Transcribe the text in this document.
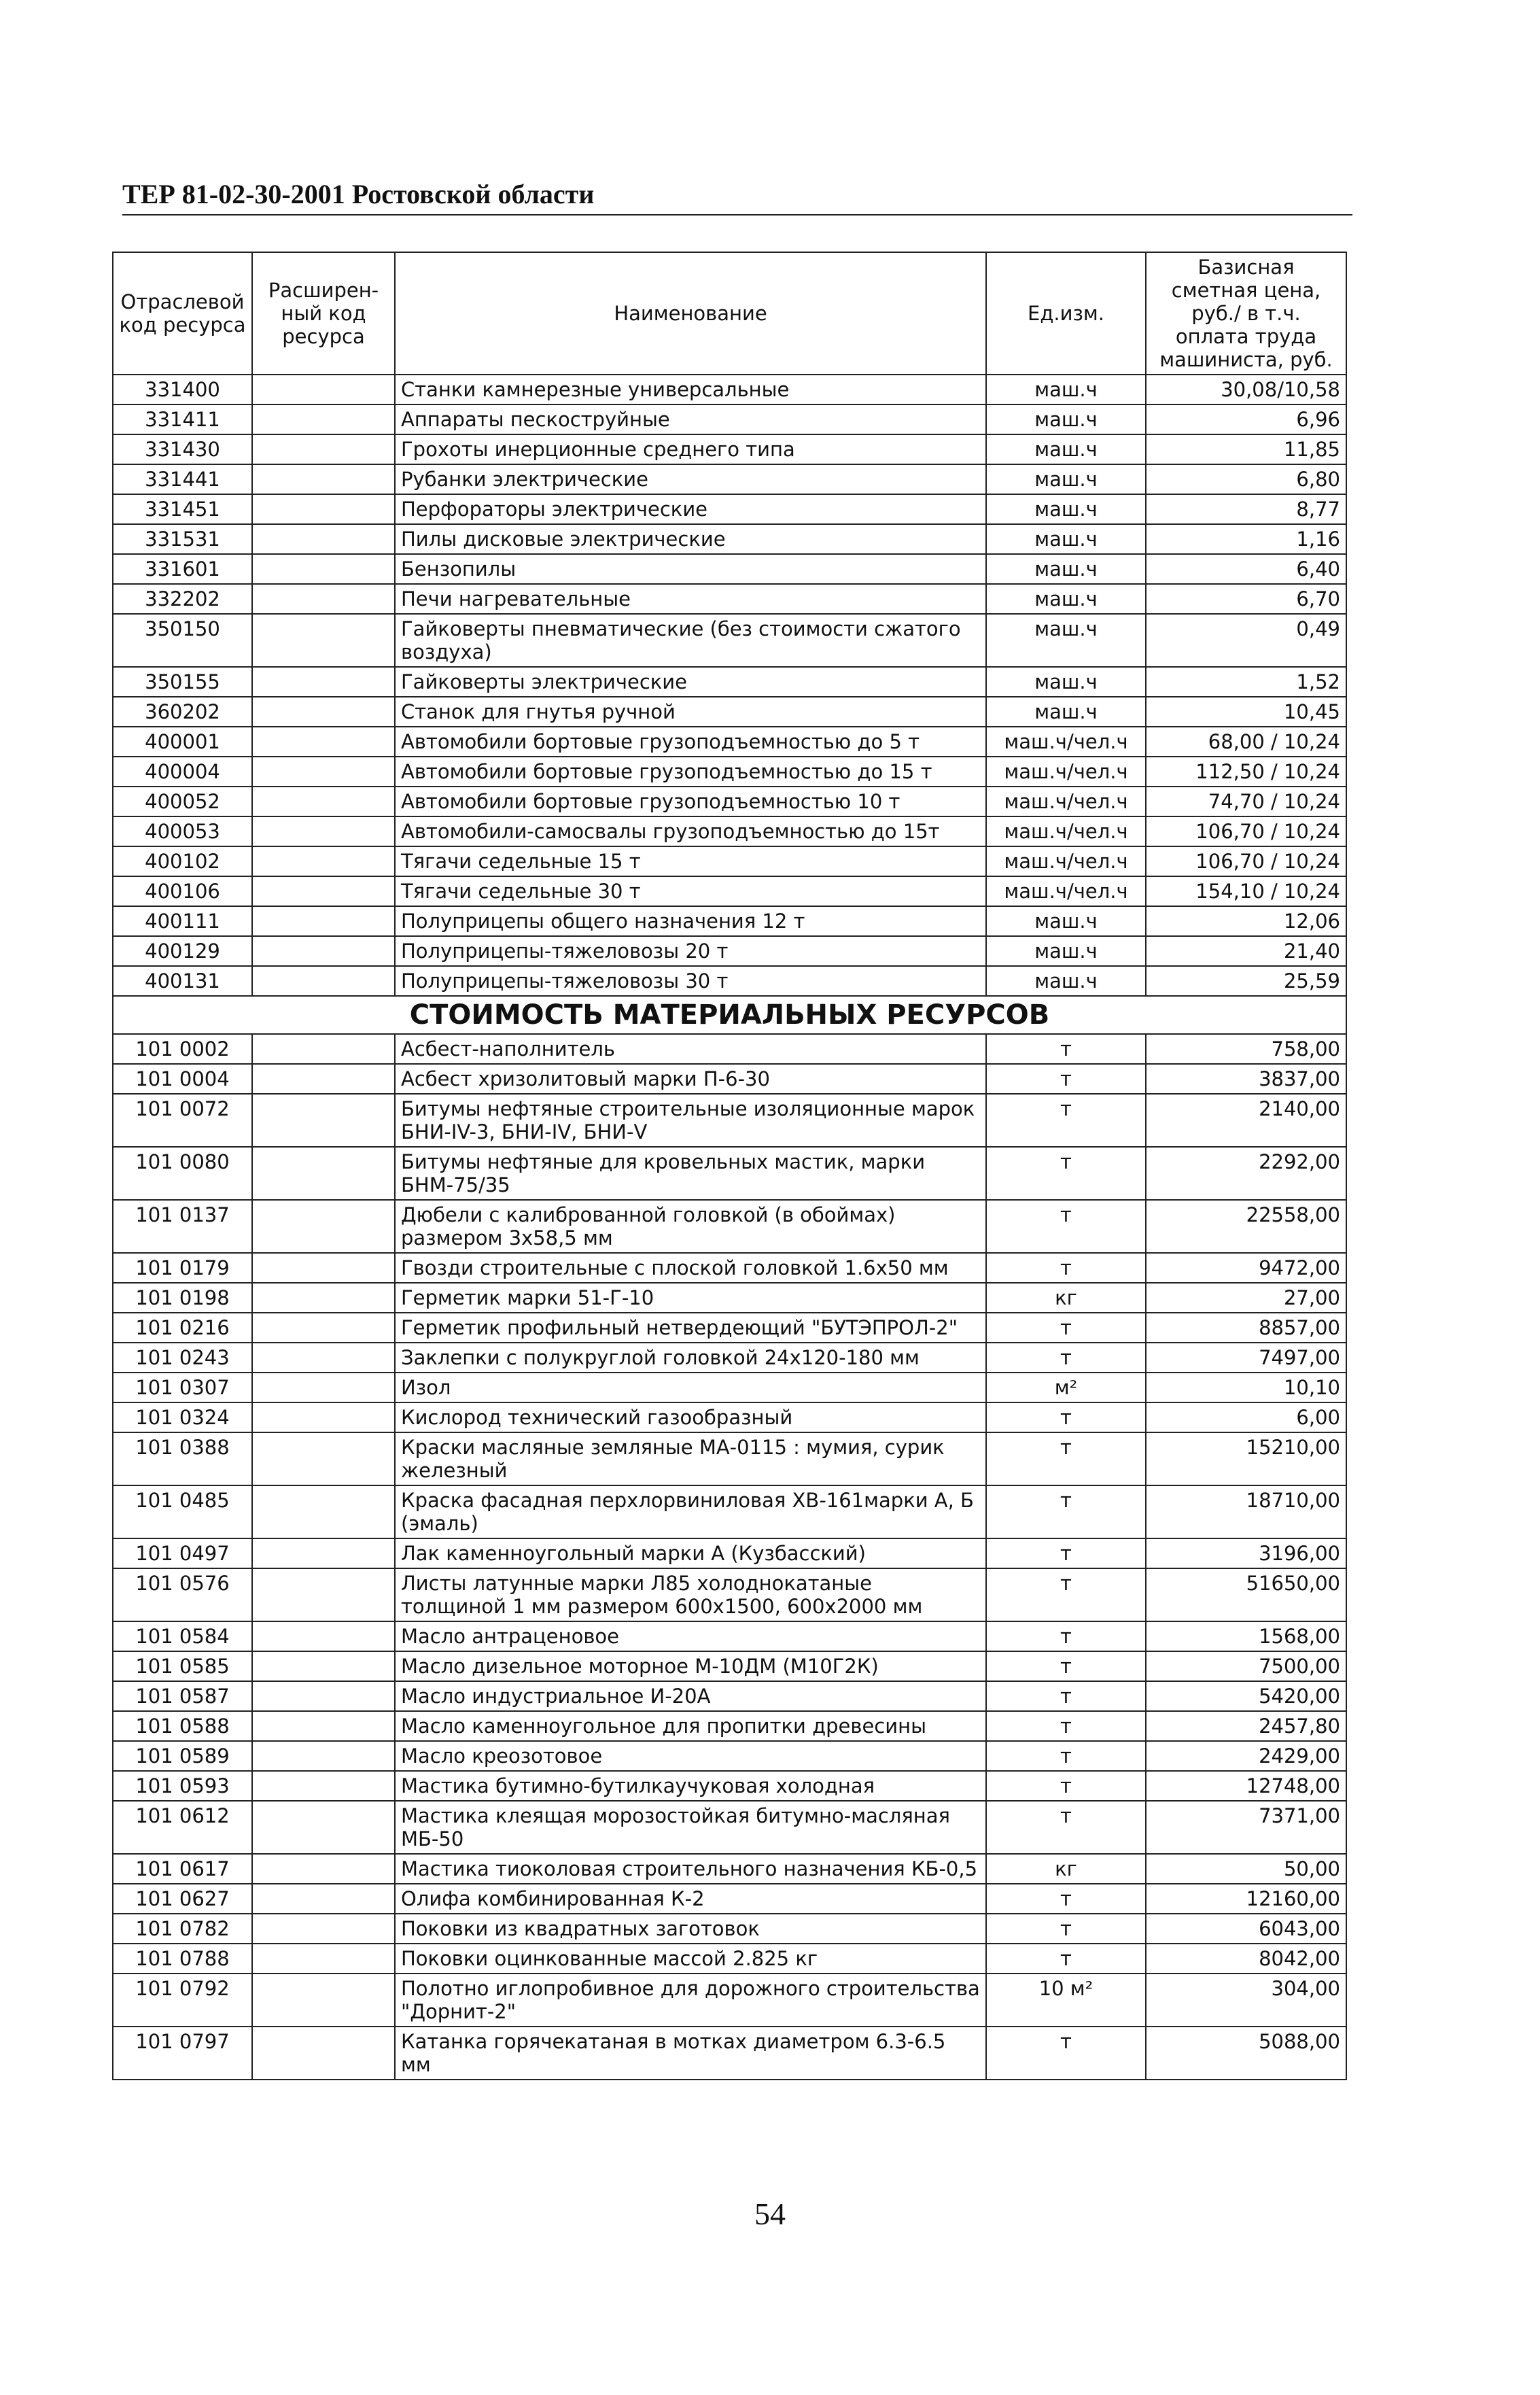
ТЕР 81-02-30-2001 Ростовской области
Отраслевой код ресурса	Расширен-ный код ресурса	Наименование	Ед.изм.	Базисная сметная цена, руб./ в т.ч. оплата труда машиниста, руб.
331400		Станки камнерезные универсальные	маш.ч	30,08/10,58
331411		Аппараты пескоструйные	маш.ч	6,96
331430		Грохоты инерционные среднего типа	маш.ч	11,85
331441		Рубанки электрические	маш.ч	6,80
331451		Перфораторы электрические	маш.ч	8,77
331531		Пилы дисковые электрические	маш.ч	1,16
331601		Бензопилы	маш.ч	6,40
332202		Печи нагревательные	маш.ч	6,70
350150		Гайковерты пневматические (без стоимости сжатого воздуха)	маш.ч	0,49
350155		Гайковерты электрические	маш.ч	1,52
360202		Станок для гнутья ручной	маш.ч	10,45
400001		Автомобили бортовые грузоподъемностью до 5 т	маш.ч/чел.ч	68,00 / 10,24
400004		Автомобили бортовые грузоподъемностью до 15 т	маш.ч/чел.ч	112,50 / 10,24
400052		Автомобили бортовые грузоподъемностью 10 т	маш.ч/чел.ч	74,70 / 10,24
400053		Автомобили-самосвалы грузоподъемностью до 15т	маш.ч/чел.ч	106,70 / 10,24
400102		Тягачи седельные 15 т	маш.ч/чел.ч	106,70 / 10,24
400106		Тягачи седельные 30 т	маш.ч/чел.ч	154,10 / 10,24
400111		Полуприцепы общего назначения 12 т	маш.ч	12,06
400129		Полуприцепы-тяжеловозы 20 т	маш.ч	21,40
400131		Полуприцепы-тяжеловозы 30 т	маш.ч	25,59
СТОИМОСТЬ МАТЕРИАЛЬНЫХ РЕСУРСОВ				
101 0002		Асбест-наполнитель	т	758,00
101 0004		Асбест хризолитовый марки П-6-30	т	3837,00
101 0072		Битумы нефтяные строительные изоляционные марок БНИ-IV-3, БНИ-IV, БНИ-V	т	2140,00
101 0080		Битумы нефтяные для кровельных мастик, марки БНМ-75/35	т	2292,00
101 0137		Дюбели с калиброванной головкой (в обоймах) размером 3x58,5 мм	т	22558,00
101 0179		Гвозди строительные с плоской головкой 1.6x50 мм	т	9472,00
101 0198		Герметик марки 51-Г-10	кг	27,00
101 0216		Герметик профильный нетвердеющий "БУТЭПРОЛ-2"	т	8857,00
101 0243		Заклепки с полукруглой головкой 24x120-180 мм	т	7497,00
101 0307		Изол	м²	10,10
101 0324		Кислород технический газообразный	т	6,00
101 0388		Краски масляные земляные МА-0115 : мумия, сурик железный	т	15210,00
101 0485		Краска фасадная перхлорвиниловая ХВ-161марки А, Б (эмаль)	т	18710,00
101 0497		Лак каменноугольный марки А (Кузбасский)	т	3196,00
101 0576		Листы латунные марки Л85 холоднокатаные толщиной 1 мм размером 600x1500, 600x2000 мм	т	51650,00
101 0584		Масло антраценовое	т	1568,00
101 0585		Масло дизельное моторное М-10ДМ (М10Г2К)	т	7500,00
101 0587		Масло индустриальное И-20А	т	5420,00
101 0588		Масло каменноугольное для пропитки древесины	т	2457,80
101 0589		Масло креозотовое	т	2429,00
101 0593		Мастика бутимно-бутилкаучуковая холодная	т	12748,00
101 0612		Мастика клеящая морозостойкая битумно-масляная МБ-50	т	7371,00
101 0617		Мастика тиоколовая строительного назначения КБ-0,5	кг	50,00
101 0627		Олифа комбинированная К-2	т	12160,00
101 0782		Поковки из квадратных заготовок	т	6043,00
101 0788		Поковки оцинкованные массой 2.825 кг	т	8042,00
101 0792		Полотно иглопробивное для дорожного строительства "Дорнит-2"	10 м²	304,00
101 0797		Катанка горячекатаная в мотках диаметром 6.3-6.5 мм	т	5088,00
54
